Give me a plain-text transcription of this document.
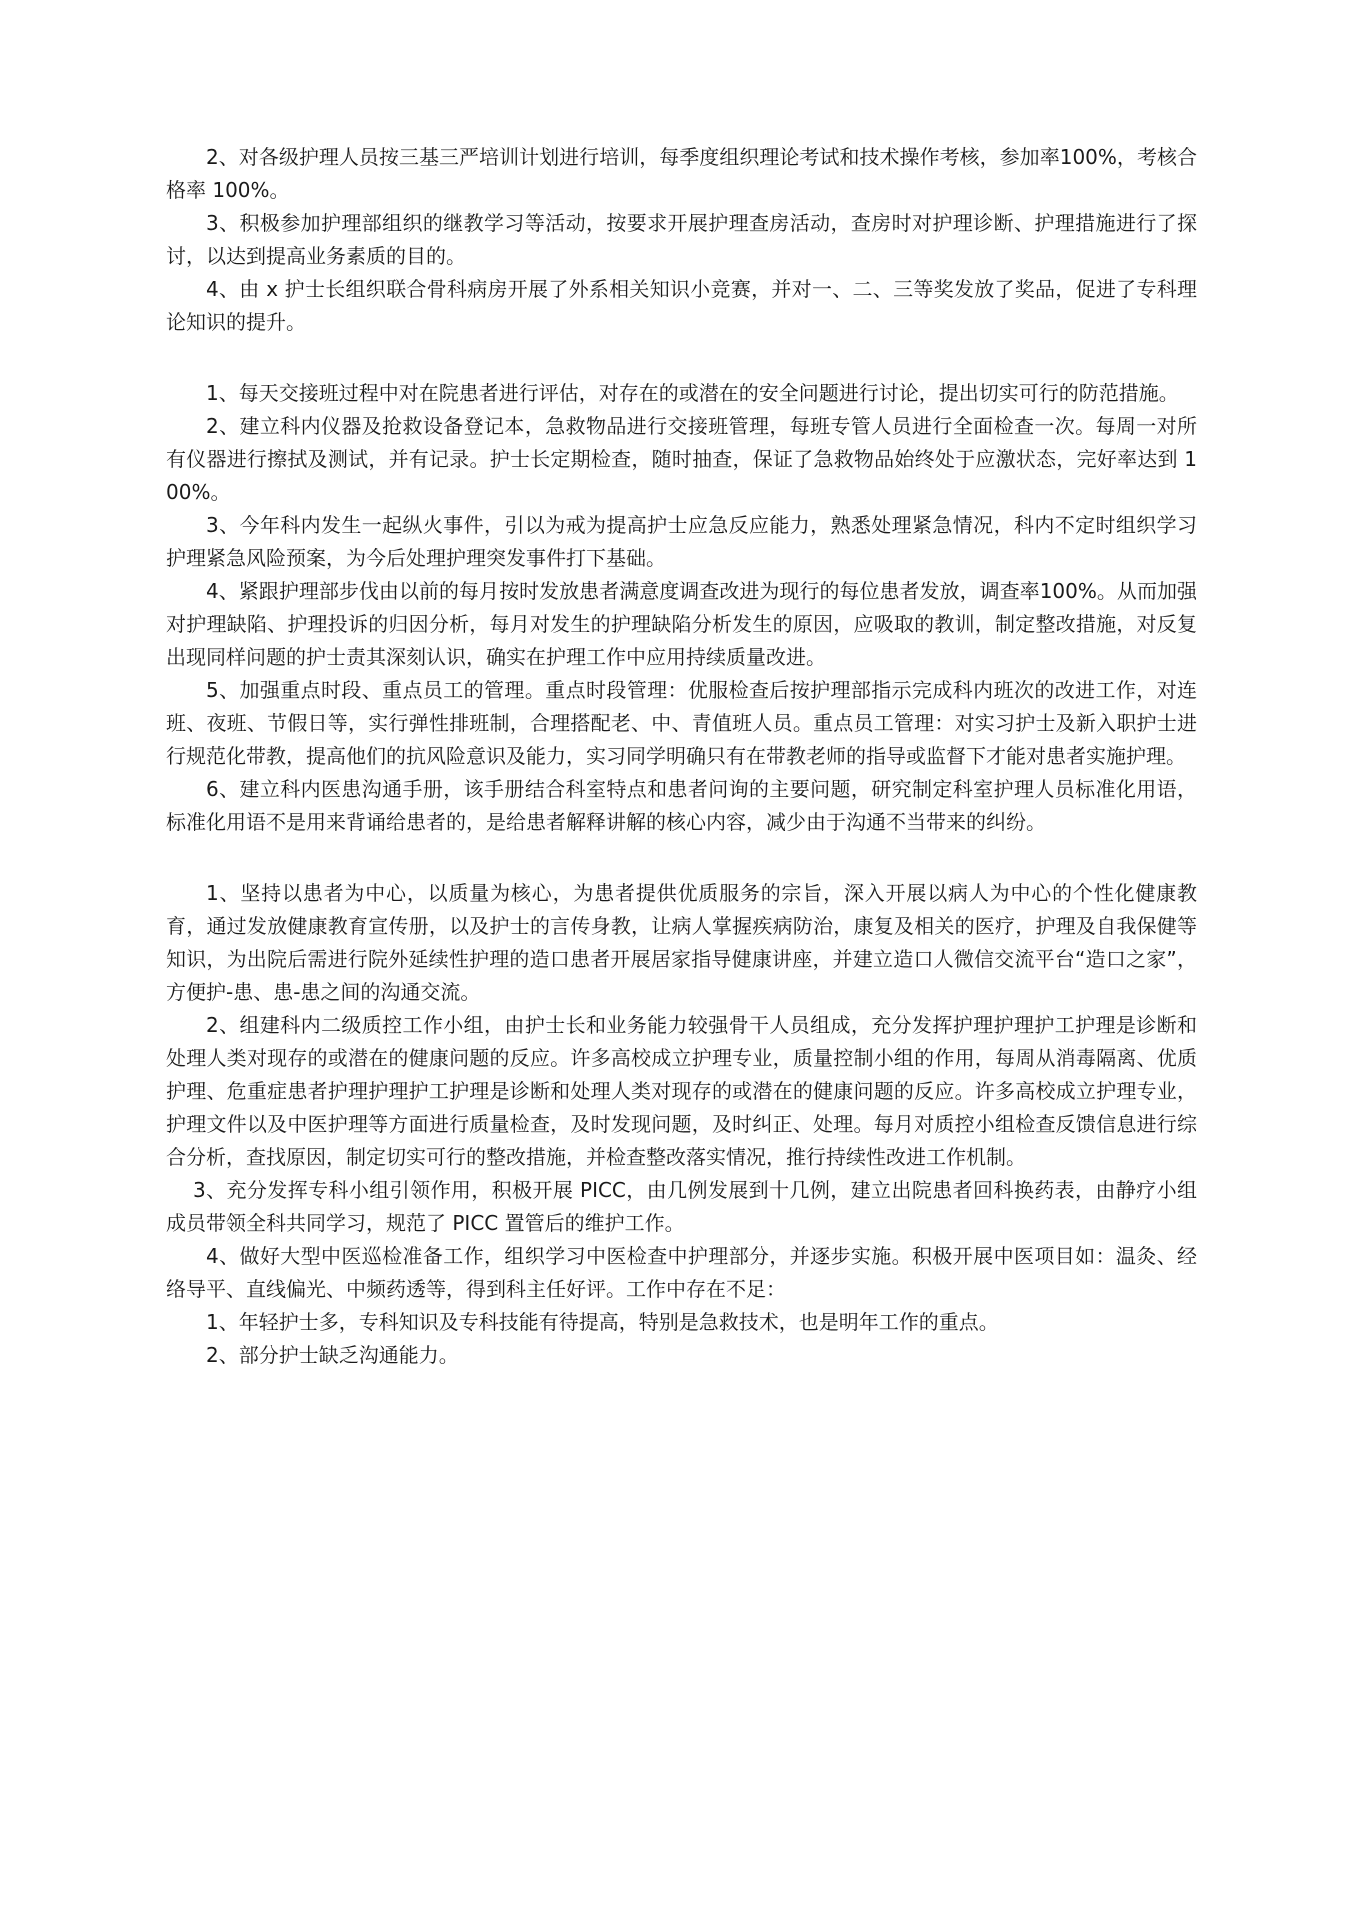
2、对各级护理人员按三基三严培训计划进行培训，每季度组织理论考试和技术操作考核，参加率100%，考核合格率 100%。

3、积极参加护理部组织的继教学习等活动，按要求开展护理查房活动，查房时对护理诊断、护理措施进行了探讨，以达到提高业务素质的目的。

4、由 x 护士长组织联合骨科病房开展了外系相关知识小竞赛，并对一、二、三等奖发放了奖品，促进了专科理论知识的提升。

1、每天交接班过程中对在院患者进行评估，对存在的或潜在的安全问题进行讨论，提出切实可行的防范措施。

2、建立科内仪器及抢救设备登记本，急救物品进行交接班管理，每班专管人员进行全面检查一次。每周一对所有仪器进行擦拭及测试，并有记录。护士长定期检查，随时抽查，保证了急救物品始终处于应激状态，完好率达到 100%。

3、今年科内发生一起纵火事件，引以为戒为提高护士应急反应能力，熟悉处理紧急情况，科内不定时组织学习护理紧急风险预案，为今后处理护理突发事件打下基础。

4、紧跟护理部步伐由以前的每月按时发放患者满意度调查改进为现行的每位患者发放，调查率100%。从而加强对护理缺陷、护理投诉的归因分析，每月对发生的护理缺陷分析发生的原因，应吸取的教训，制定整改措施，对反复出现同样问题的护士责其深刻认识，确实在护理工作中应用持续质量改进。

5、加强重点时段、重点员工的管理。重点时段管理：优服检查后按护理部指示完成科内班次的改进工作，对连班、夜班、节假日等，实行弹性排班制，合理搭配老、中、青值班人员。重点员工管理：对实习护士及新入职护士进行规范化带教，提高他们的抗风险意识及能力，实习同学明确只有在带教老师的指导或监督下才能对患者实施护理。

6、建立科内医患沟通手册，该手册结合科室特点和患者问询的主要问题，研究制定科室护理人员标准化用语，标准化用语不是用来背诵给患者的，是给患者解释讲解的核心内容，减少由于沟通不当带来的纠纷。

1、坚持以患者为中心，以质量为核心，为患者提供优质服务的宗旨，深入开展以病人为中心的个性化健康教育，通过发放健康教育宣传册，以及护士的言传身教，让病人掌握疾病防治，康复及相关的医疗，护理及自我保健等知识，为出院后需进行院外延续性护理的造口患者开展居家指导健康讲座，并建立造口人微信交流平台“造口之家”，方便护-患、患-患之间的沟通交流。

2、组建科内二级质控工作小组，由护士长和业务能力较强骨干人员组成，充分发挥护理护理护工护理是诊断和处理人类对现存的或潜在的健康问题的反应。许多高校成立护理专业，质量控制小组的作用，每周从消毒隔离、优质护理、危重症患者护理护理护工护理是诊断和处理人类对现存的或潜在的健康问题的反应。许多高校成立护理专业，护理文件以及中医护理等方面进行质量检查，及时发现问题，及时纠正、处理。每月对质控小组检查反馈信息进行综合分析，查找原因，制定切实可行的整改措施，并检查整改落实情况，推行持续性改进工作机制。

3、充分发挥专科小组引领作用，积极开展 PICC，由几例发展到十几例，建立出院患者回科换药表，由静疗小组成员带领全科共同学习，规范了 PICC 置管后的维护工作。

4、做好大型中医巡检准备工作，组织学习中医检查中护理部分，并逐步实施。积极开展中医项目如：温灸、经络导平、直线偏光、中频药透等，得到科主任好评。工作中存在不足：

1、年轻护士多，专科知识及专科技能有待提高，特别是急救技术，也是明年工作的重点。

2、部分护士缺乏沟通能力。
